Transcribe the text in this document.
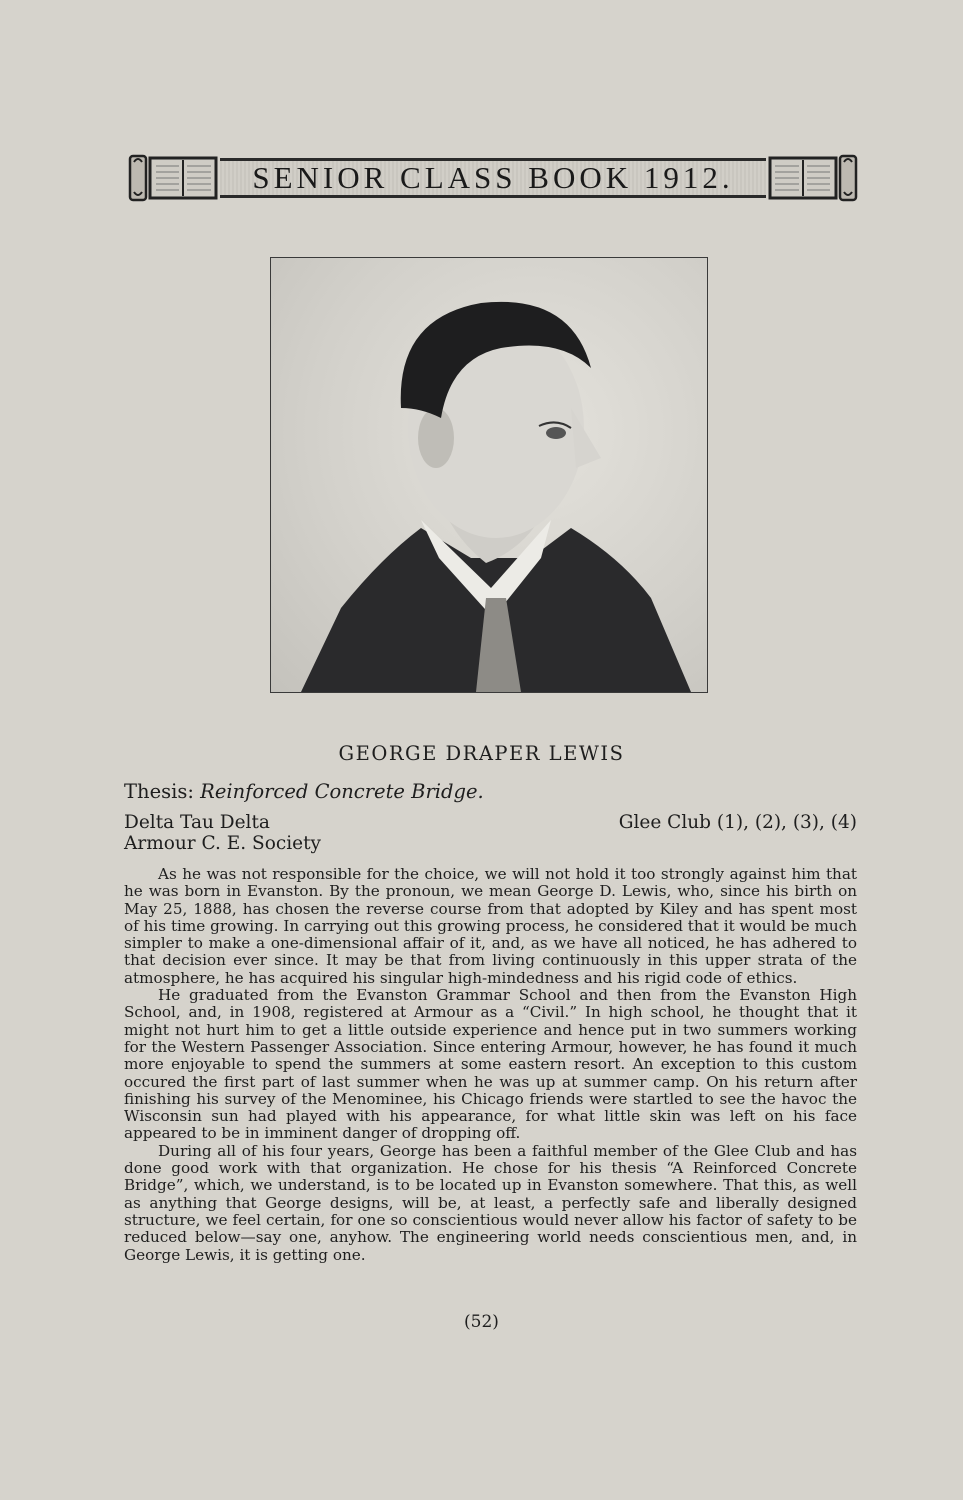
SENIOR CLASS BOOK 1912.
GEORGE DRAPER LEWIS
Thesis: Reinforced Concrete Bridge.
Delta Tau Delta
Armour C. E. Society
Glee Club (1), (2), (3), (4)

As he was not responsible for the choice, we will not hold it too strongly against him that he was born in Evanston. By the pronoun, we mean George D. Lewis, who, since his birth on May 25, 1888, has chosen the reverse course from that adopted by Kiley and has spent most of his time growing. In carrying out this growing process, he considered that it would be much simpler to make a one-dimensional affair of it, and, as we have all noticed, he has adhered to that decision ever since. It may be that from living continuously in this upper strata of the atmosphere, he has acquired his singular high-mindedness and his rigid code of ethics.

He graduated from the Evanston Grammar School and then from the Evanston High School, and, in 1908, registered at Armour as a “Civil.” In high school, he thought that it might not hurt him to get a little outside experience and hence put in two summers working for the Western Passenger Association. Since entering Armour, however, he has found it much more enjoyable to spend the summers at some eastern resort. An exception to this custom occured the first part of last summer when he was up at summer camp. On his return after finishing his survey of the Menominee, his Chicago friends were startled to see the havoc the Wisconsin sun had played with his appearance, for what little skin was left on his face appeared to be in imminent danger of dropping off.

During all of his four years, George has been a faithful member of the Glee Club and has done good work with that organization. He chose for his thesis “A Reinforced Concrete Bridge”, which, we understand, is to be located up in Evanston somewhere. That this, as well as anything that George designs, will be, at least, a perfectly safe and liberally designed structure, we feel certain, for one so conscientious would never allow his factor of safety to be reduced below—say one, anyhow. The engineering world needs conscientious men, and, in George Lewis, it is getting one.

(52)
